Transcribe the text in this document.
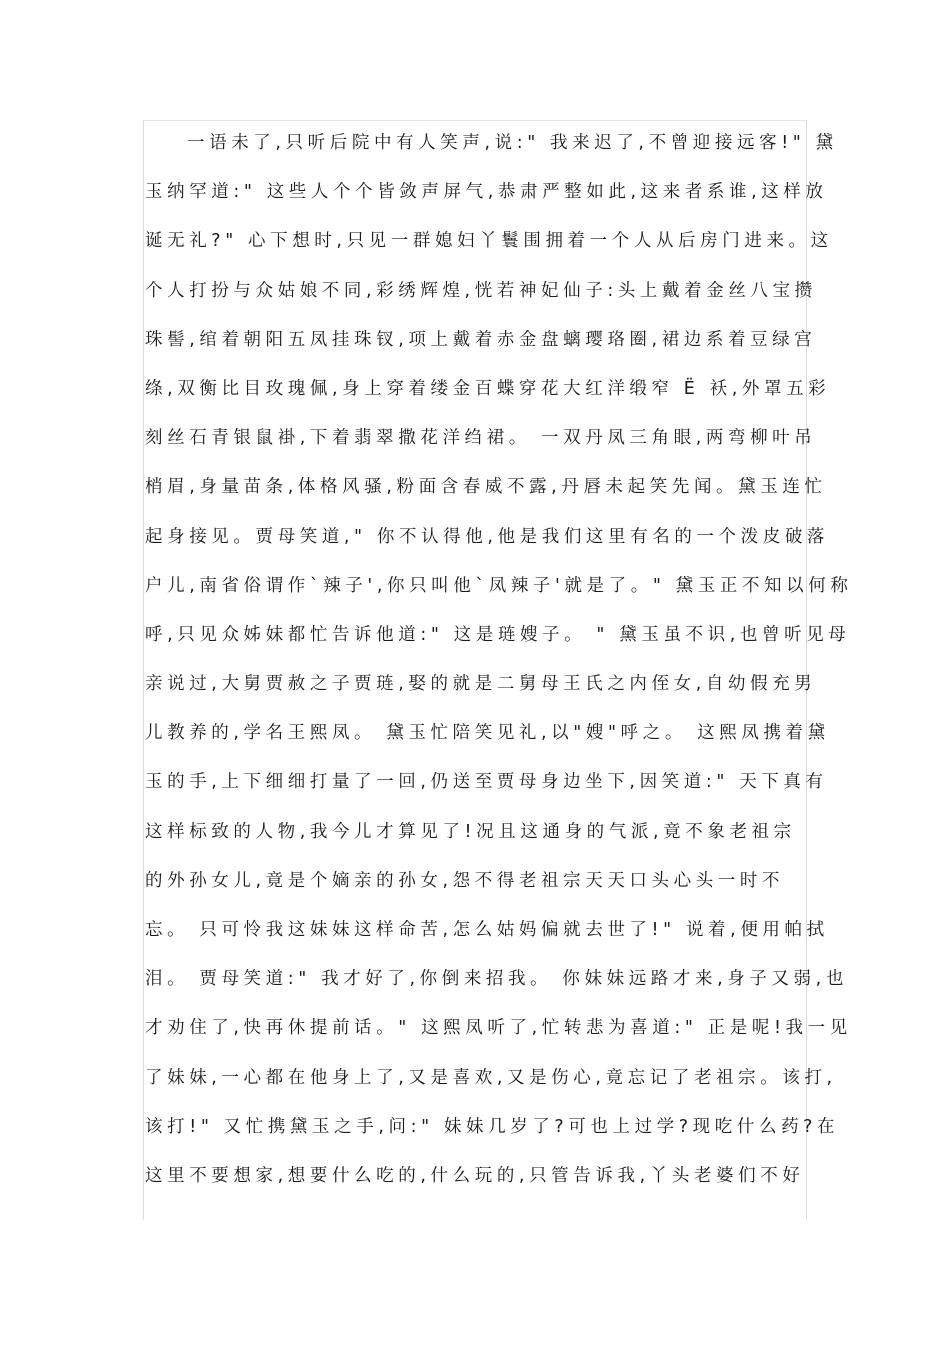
一语未了,只听后院中有人笑声,说:" 我来迟了,不曾迎接远客!" 黛
玉纳罕道:" 这些人个个皆敛声屏气,恭肃严整如此,这来者系谁,这样放
诞无礼?" 心下想时,只见一群媳妇丫鬟围拥着一个人从后房门进来。这
个人打扮与众姑娘不同,彩绣辉煌,恍若神妃仙子:头上戴着金丝八宝攒
珠髻,绾着朝阳五凤挂珠钗,项上戴着赤金盘螭璎珞圈,裙边系着豆绿宫
绦,双衡比目玫瑰佩,身上穿着缕金百蝶穿花大红洋缎窄 Ë 袄,外罩五彩
刻丝石青银鼠褂,下着翡翠撒花洋绉裙。 一双丹凤三角眼,两弯柳叶吊
梢眉,身量苗条,体格风骚,粉面含春威不露,丹唇未起笑先闻。黛玉连忙
起身接见。贾母笑道," 你不认得他,他是我们这里有名的一个泼皮破落
户儿,南省俗谓作`辣子',你只叫他`凤辣子'就是了。" 黛玉正不知以何称
呼,只见众姊妹都忙告诉他道:" 这是琏嫂子。 " 黛玉虽不识,也曾听见母
亲说过,大舅贾赦之子贾琏,娶的就是二舅母王氏之内侄女,自幼假充男
儿教养的,学名王熙凤。 黛玉忙陪笑见礼,以"嫂"呼之。 这熙凤携着黛
玉的手,上下细细打量了一回,仍送至贾母身边坐下,因笑道:" 天下真有
这样标致的人物,我今儿才算见了!况且这通身的气派,竟不象老祖宗
的外孙女儿,竟是个嫡亲的孙女,怨不得老祖宗天天口头心头一时不
忘。 只可怜我这妹妹这样命苦,怎么姑妈偏就去世了!" 说着,便用帕拭
泪。 贾母笑道:" 我才好了,你倒来招我。 你妹妹远路才来,身子又弱,也
才劝住了,快再休提前话。" 这熙凤听了,忙转悲为喜道:" 正是呢!我一见
了妹妹,一心都在他身上了,又是喜欢,又是伤心,竟忘记了老祖宗。该打,
该打!" 又忙携黛玉之手,问:" 妹妹几岁了?可也上过学?现吃什么药?在
这里不要想家,想要什么吃的,什么玩的,只管告诉我,丫头老婆们不好
